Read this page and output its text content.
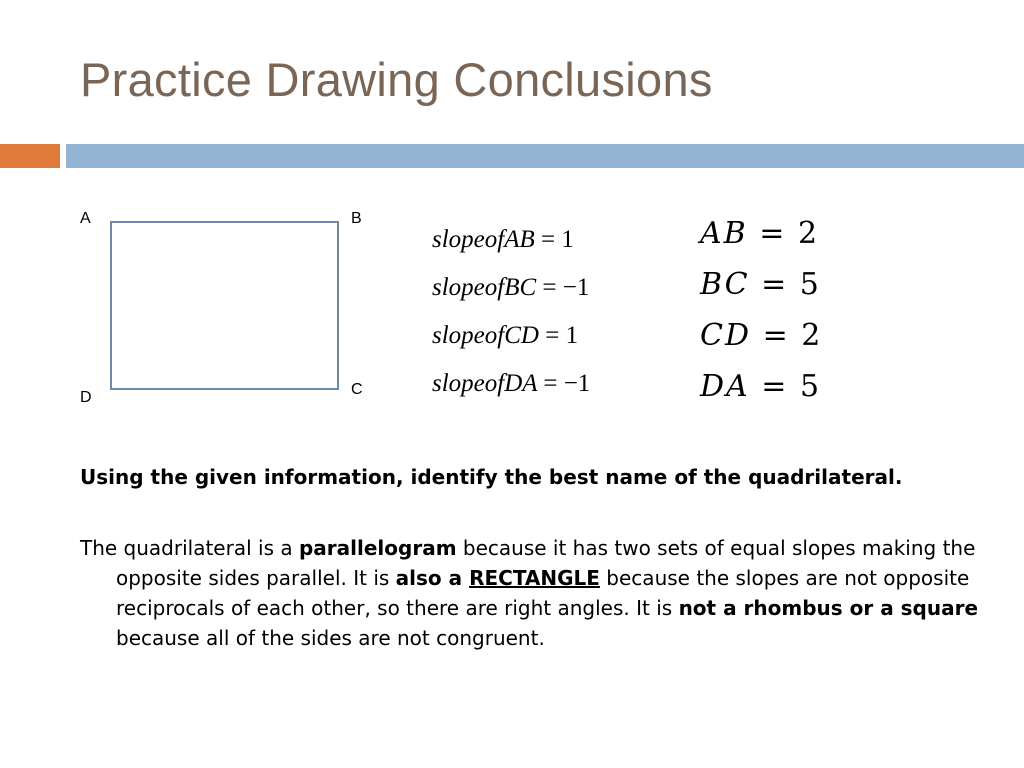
Practice Drawing Conclusions
A	B
C
D
slopeofAB = 1
slopeofBC = −1
slopeofCD = 1
slopeofDA = −1
AB = 2
BC = 5
CD = 2
DA = 5
Using the given information, identify the best name of the quadrilateral.
The quadrilateral is a parallelogram because it has two sets of equal slopes making the opposite sides parallel. It is also a RECTANGLE because the slopes are not opposite reciprocals of each other, so there are right angles. It is not a rhombus or a square because all of the sides are not congruent.
